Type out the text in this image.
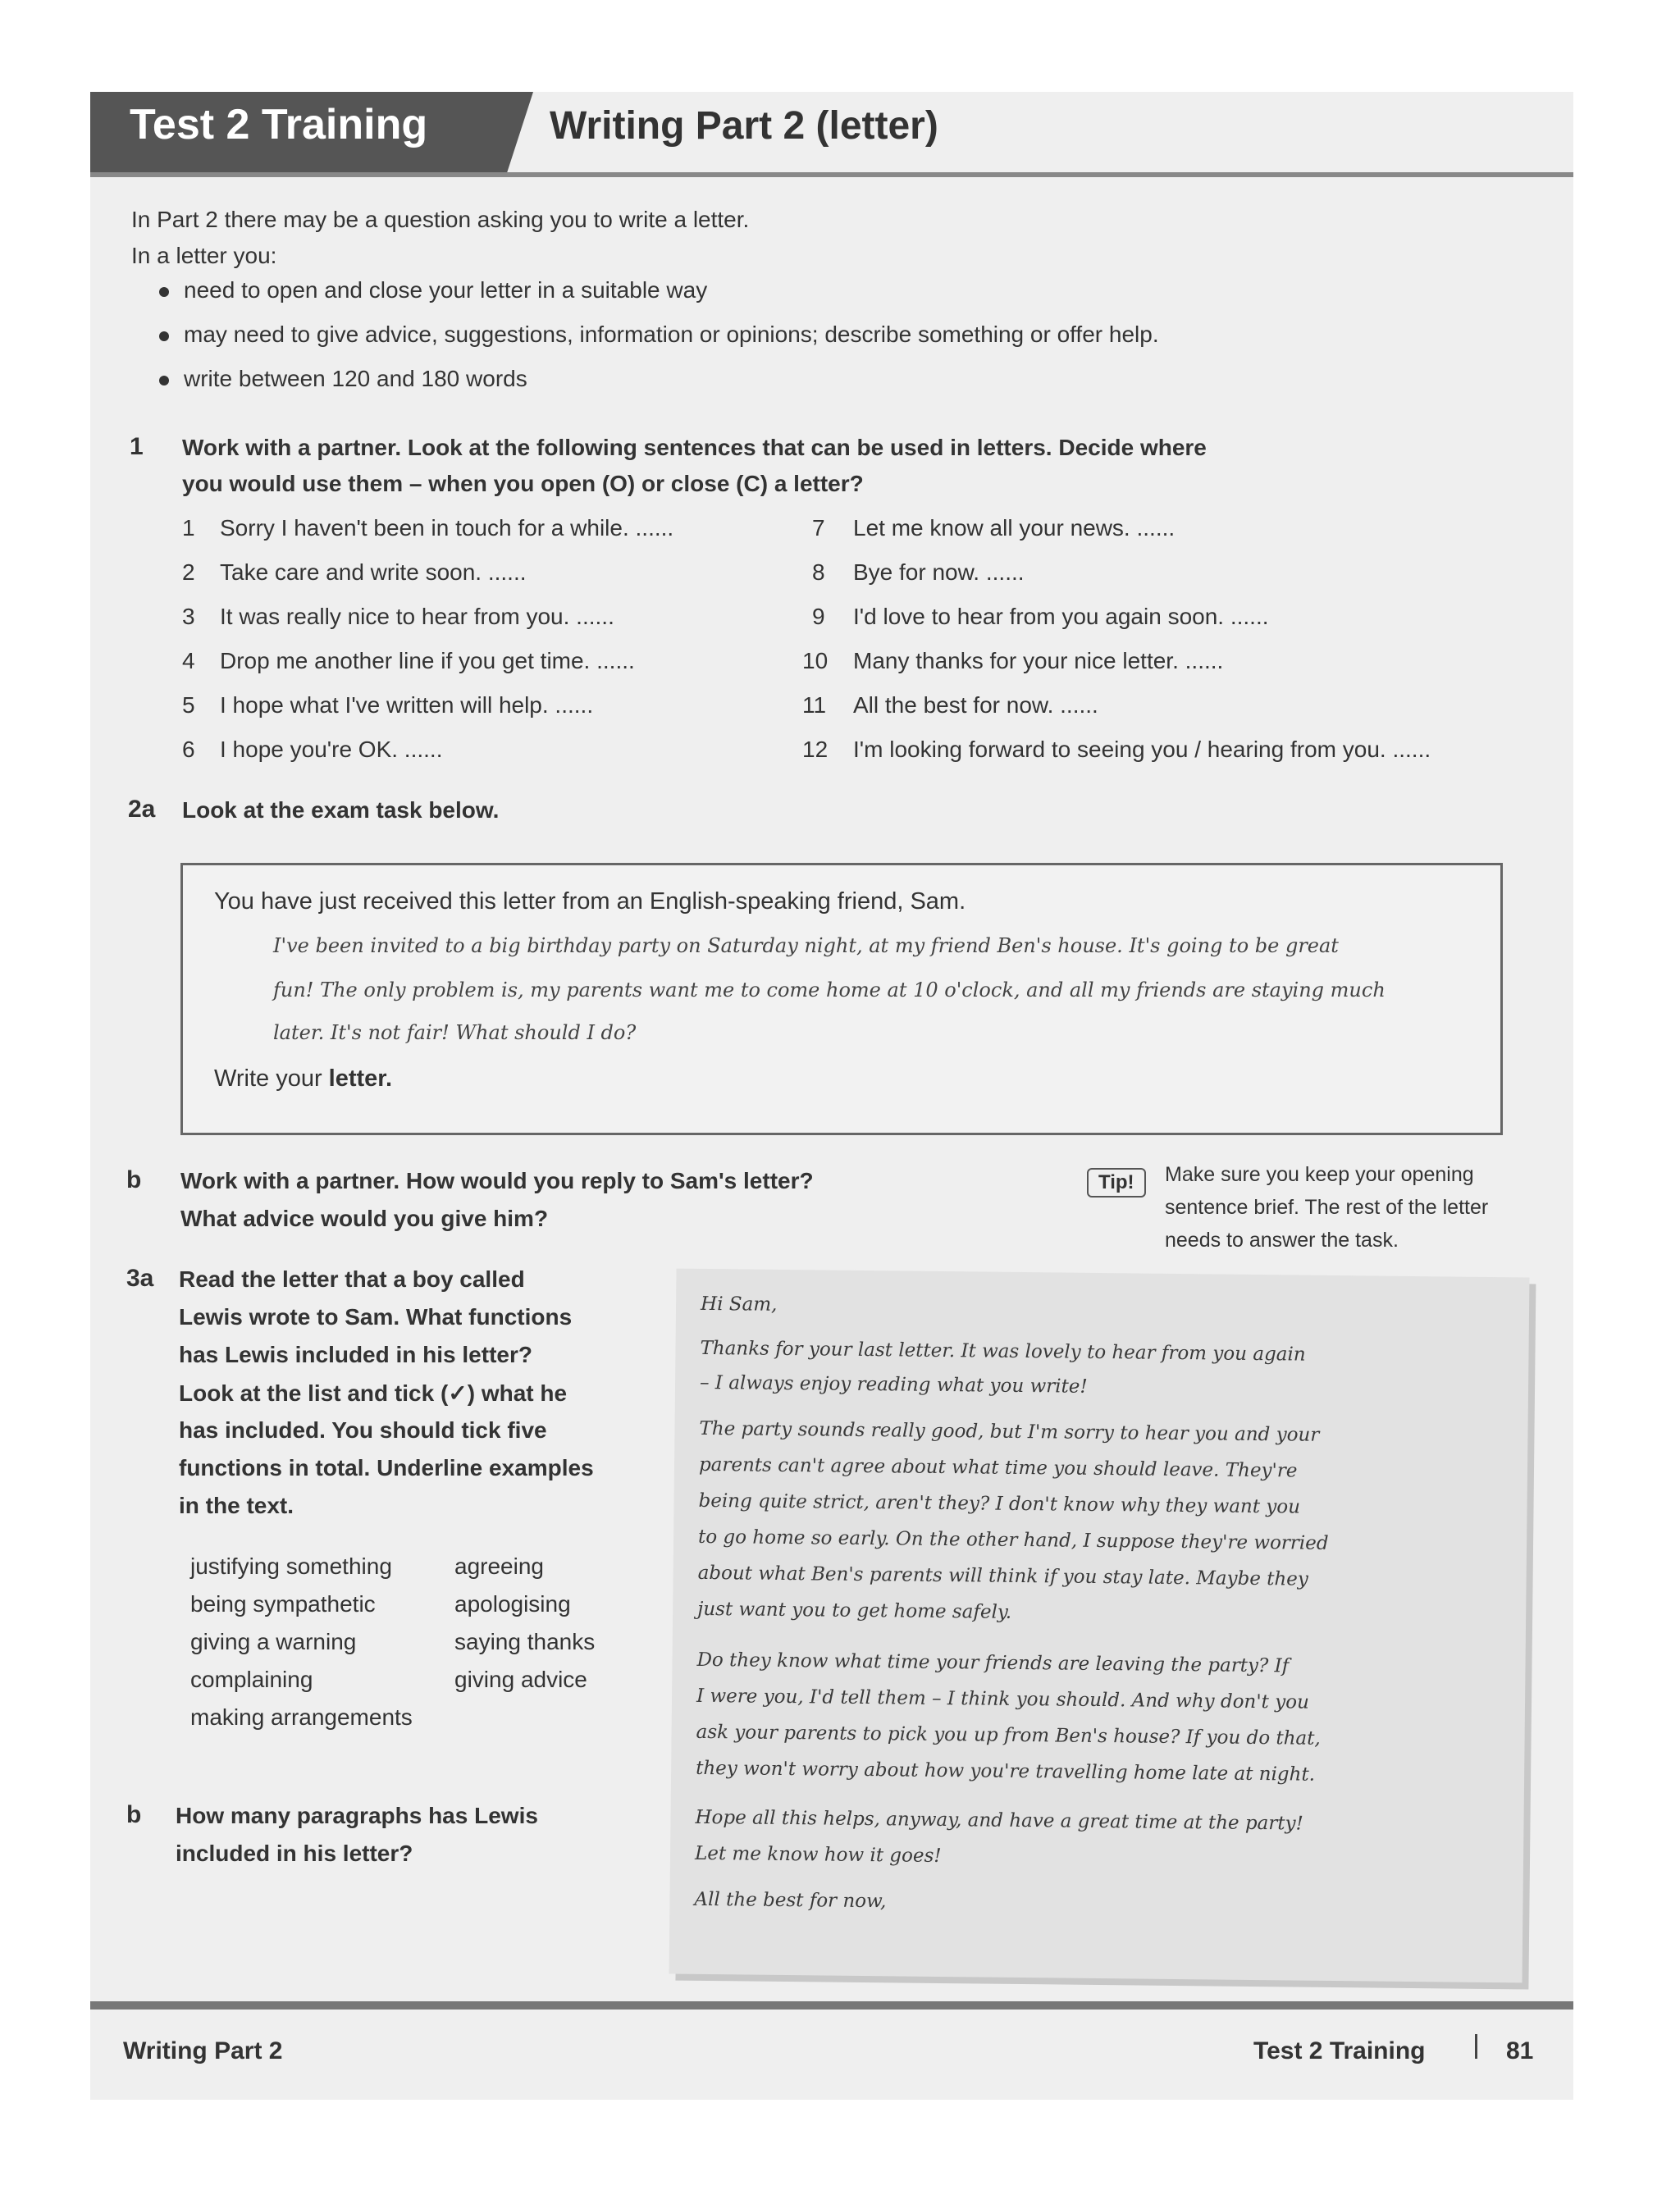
Test 2 Training	Writing Part 2 (letter)
In Part 2 there may be a question asking you to write a letter.
In a letter you:
need to open and close your letter in a suitable way
may need to give advice, suggestions, information or opinions; describe something or offer help.
write between 120 and 180 words
1 Work with a partner. Look at the following sentences that can be used in letters. Decide where
you would use them – when you open (O) or close (C) a letter?
1 Sorry I haven't been in touch for a while. ......
2 Take care and write soon. ......
3 It was really nice to hear from you. ......
4 Drop me another line if you get time. ......
5 I hope what I've written will help. ......
6 I hope you're OK. ......
7 Let me know all your news. ......
8 Bye for now. ......
9 I'd love to hear from you again soon. ......
10 Many thanks for your nice letter. ......
11 All the best for now. ......
12 I'm looking forward to seeing you / hearing from you. ......
2a Look at the exam task below.
You have just received this letter from an English-speaking friend, Sam.
I've been invited to a big birthday party on Saturday night, at my friend Ben's house. It's going to be great
fun! The only problem is, my parents want me to come home at 10 o'clock, and all my friends are staying much
later. It's not fair! What should I do?
Write your letter.
b Work with a partner. How would you reply to Sam's letter?
What advice would you give him?
Tip!	Make sure you keep your opening
sentence brief. The rest of the letter
needs to answer the task.
3a Read the letter that a boy called
Lewis wrote to Sam. What functions
has Lewis included in his letter?
Look at the list and tick (✓) what he
has included. You should tick five
functions in total. Underline examples
in the text.
justifying something
being sympathetic
giving a warning
complaining
making arrangements
agreeing
apologising
saying thanks
giving advice
b How many paragraphs has Lewis
included in his letter?
Hi Sam,
Thanks for your last letter. It was lovely to hear from you again
– I always enjoy reading what you write!
The party sounds really good, but I'm sorry to hear you and your
parents can't agree about what time you should leave. They're
being quite strict, aren't they? I don't know why they want you
to go home so early. On the other hand, I suppose they're worried
about what Ben's parents will think if you stay late. Maybe they
just want you to get home safely.
Do they know what time your friends are leaving the party? If
I were you, I'd tell them – I think you should. And why don't you
ask your parents to pick you up from Ben's house? If you do that,
they won't worry about how you're travelling home late at night.
Hope all this helps, anyway, and have a great time at the party!
Let me know how it goes!
All the best for now,
Writing Part 2	Test 2 Training	81
